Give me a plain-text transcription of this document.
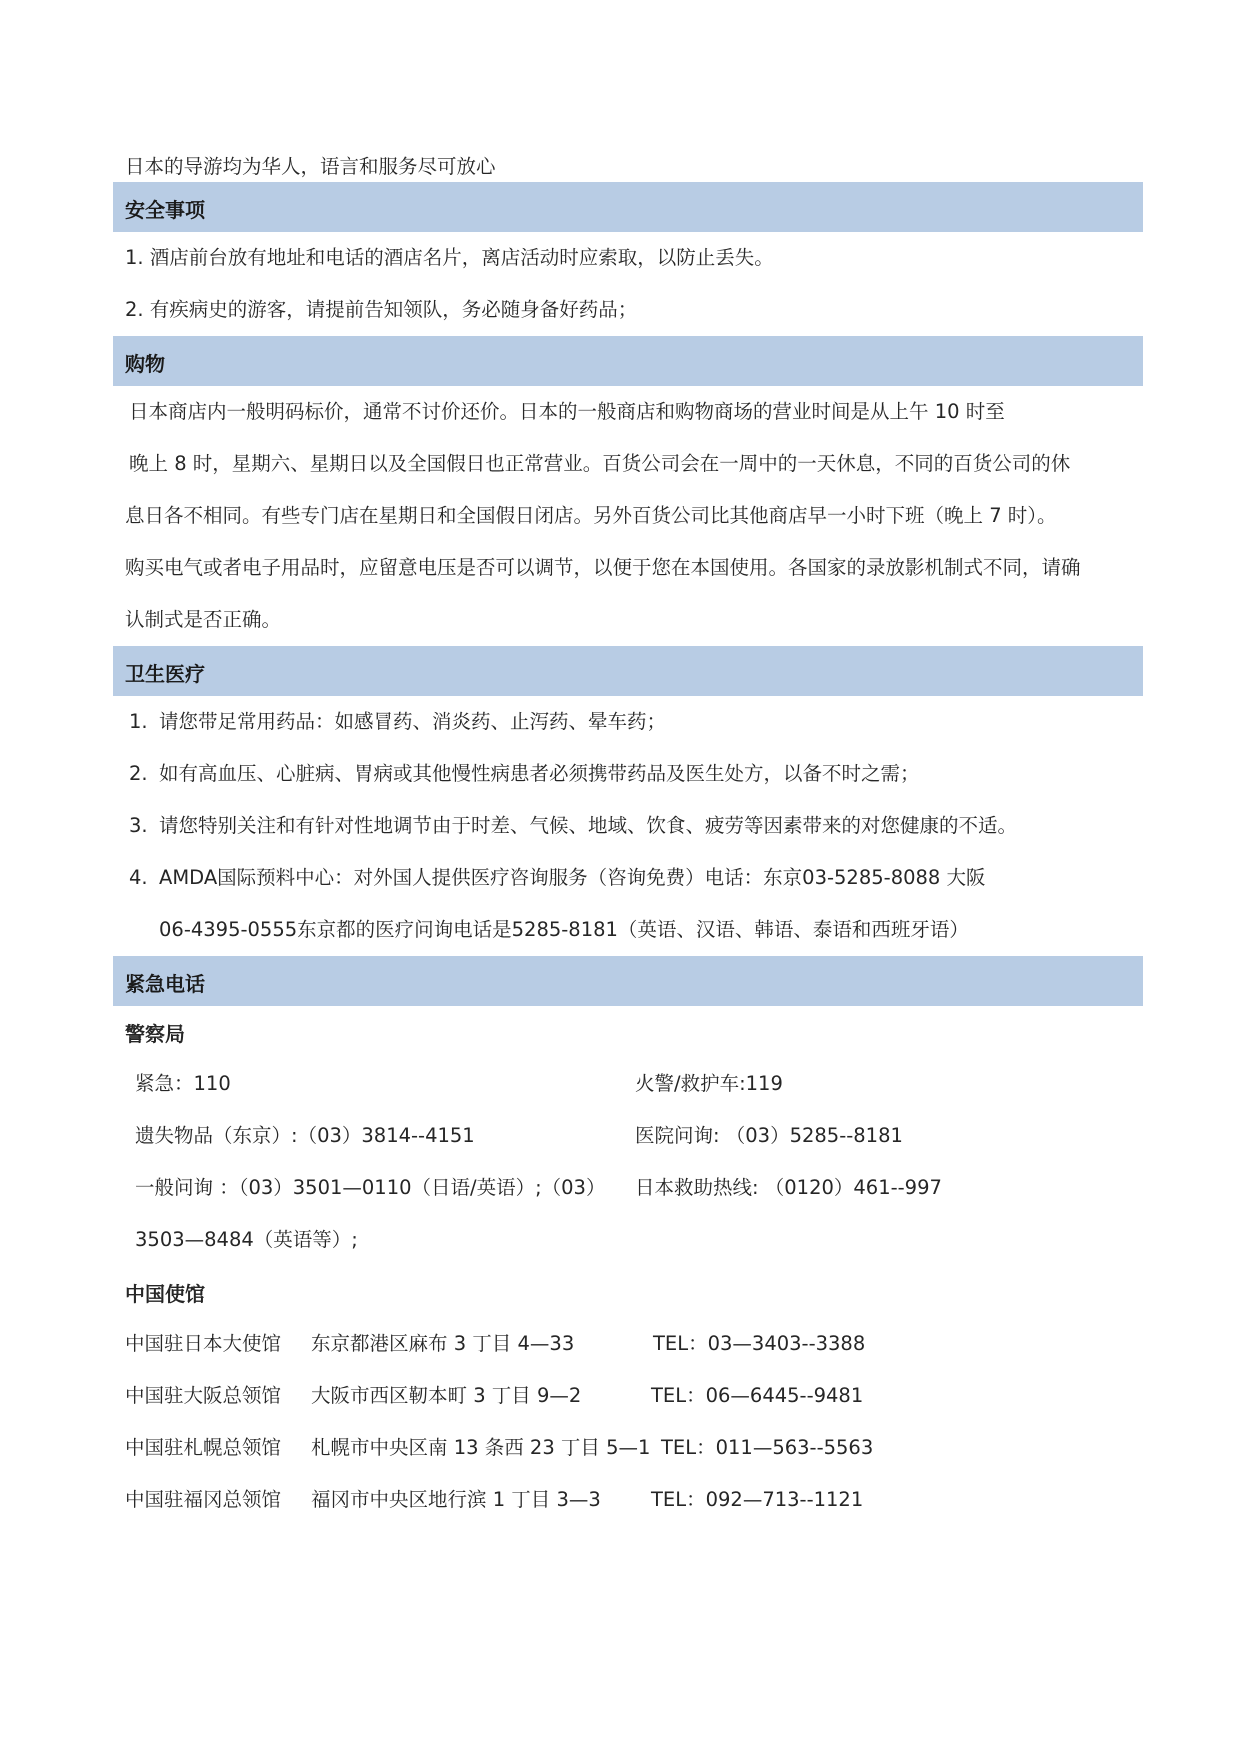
日本的导游均为华人，语言和服务尽可放心
安全事项
1. 酒店前台放有地址和电话的酒店名片，离店活动时应索取，以防止丢失。
2. 有疾病史的游客，请提前告知领队，务必随身备好药品；
购物
日本商店内一般明码标价，通常不讨价还价。日本的一般商店和购物商场的营业时间是从上午 10 时至
晚上 8 时，星期六、星期日以及全国假日也正常营业。百货公司会在一周中的一天休息，不同的百货公司的休
息日各不相同。有些专门店在星期日和全国假日闭店。另外百货公司比其他商店早一小时下班（晚上 7 时）。
购买电气或者电子用品时，应留意电压是否可以调节，以便于您在本国使用。各国家的录放影机制式不同，请确
认制式是否正确。
卫生医疗
1. 请您带足常用药品：如感冒药、消炎药、止泻药、晕车药；
2. 如有高血压、心脏病、胃病或其他慢性病患者必须携带药品及医生处方，以备不时之需；
3. 请您特别关注和有针对性地调节由于时差、气候、地域、饮食、疲劳等因素带来的对您健康的不适。
4. AMDA国际预料中心：对外国人提供医疗咨询服务（咨询免费）电话：东京03-5285-8088 大阪
06-4395-0555东京都的医疗问询电话是5285-8181（英语、汉语、韩语、泰语和西班牙语）
紧急电话
警察局
紧急：110	火警/救护车:119
遗失物品（东京）:（03）3814--4151	医院问询: （03）5285--8181
一般问询 ：（03）3501—0110（日语/英语）;（03） 日本救助热线: （0120）461--997
3503—8484（英语等）;
中国使馆
中国驻日本大使馆 东京都港区麻布 3 丁目 4—33	TEL：03—3403--3388
中国驻大阪总领馆 大阪市西区靭本町 3 丁目 9—2	TEL：06—6445--9481
中国驻札幌总领馆 札幌市中央区南 13 条西 23 丁目 5—1 TEL：011—563--5563
中国驻福冈总领馆 福冈市中央区地行滨 1 丁目 3—3	TEL：092—713--1121
